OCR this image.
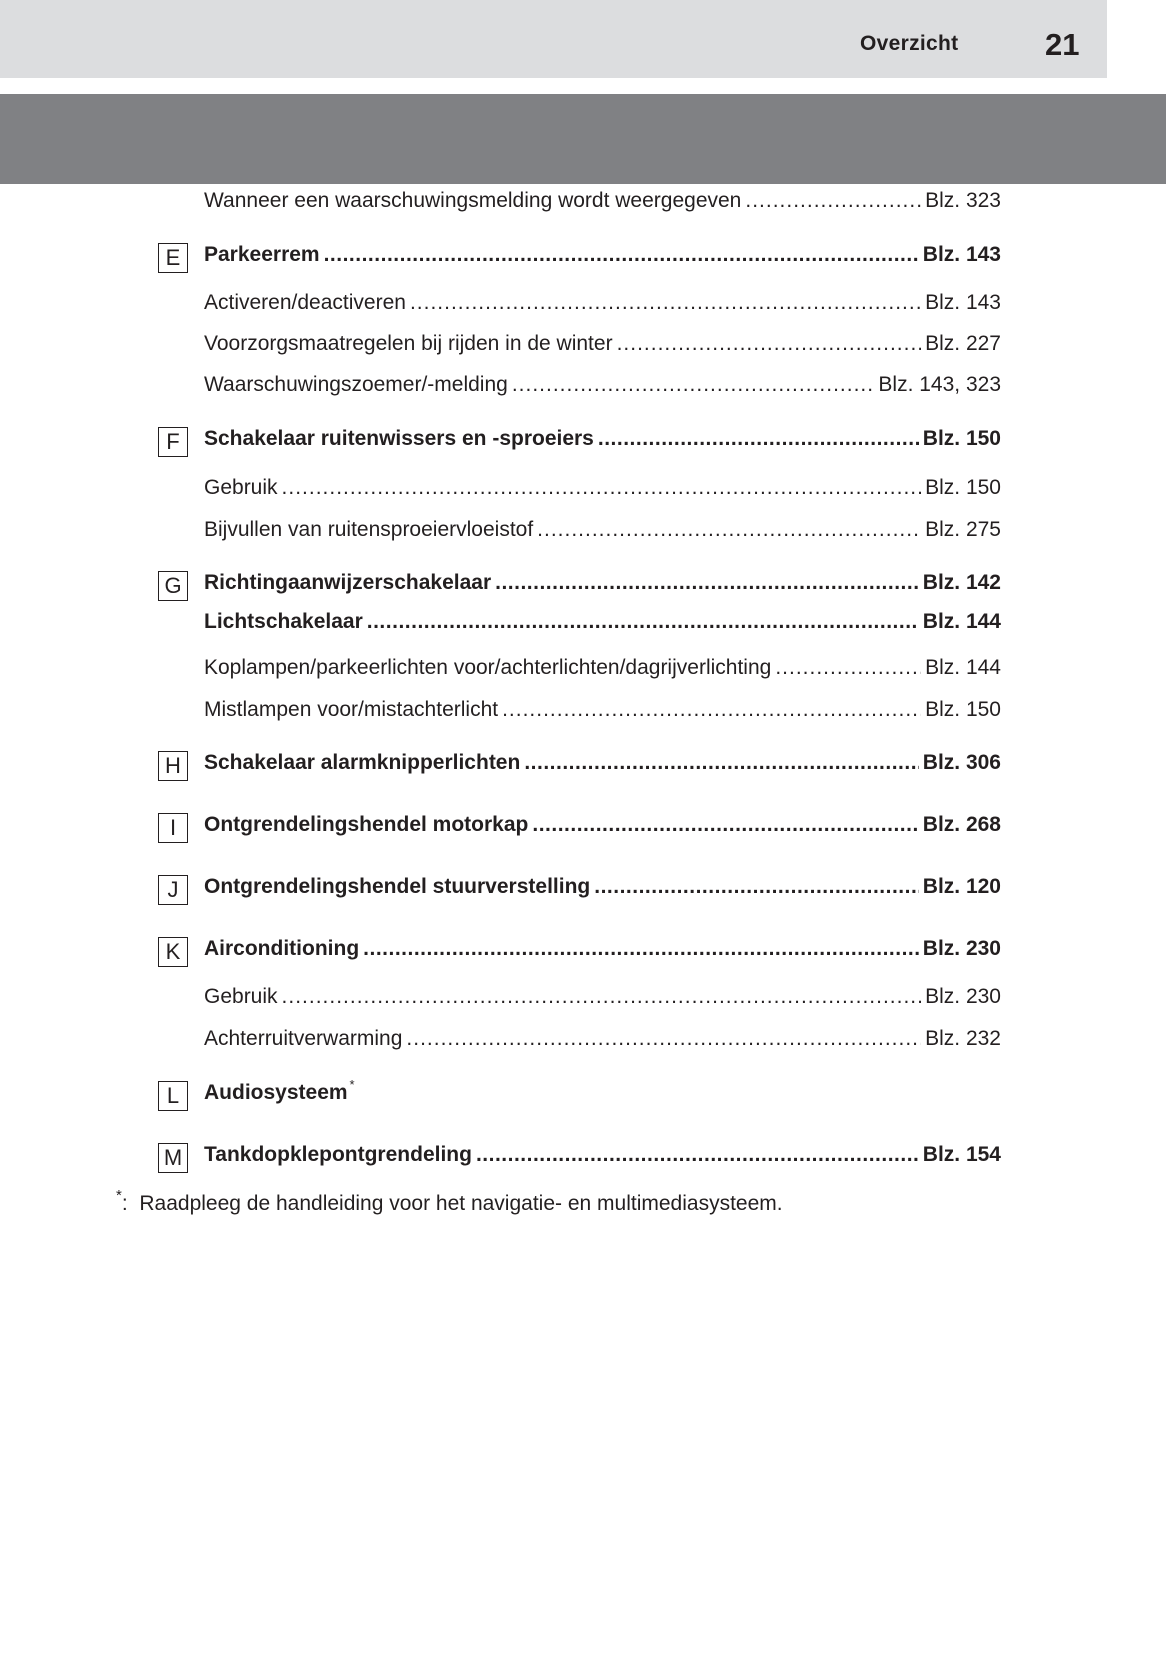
Overzicht	21
Wanneer een waarschuwingsmelding wordt weergegeven .....	Blz. 323
E	Parkeerrem .....	Blz. 143
Activeren/deactiveren .....	Blz. 143
Voorzorgsmaatregelen bij rijden in de winter .....	Blz. 227
Waarschuwingszoemer/-melding .....	Blz. 143, 323
F	Schakelaar ruitenwissers en -sproeiers .....	Blz. 150
Gebruik .....	Blz. 150
Bijvullen van ruitensproeiervloeistof .....	Blz. 275
G	Richtingaanwijzerschakelaar .....	Blz. 142
Lichtschakelaar .....	Blz. 144
Koplampen/parkeerlichten voor/achterlichten/dagrijverlichting .....	Blz. 144
Mistlampen voor/mistachterlicht .....	Blz. 150
H	Schakelaar alarmknipperlichten .....	Blz. 306
I	Ontgrendelingshendel motorkap .....	Blz. 268
J	Ontgrendelingshendel stuurverstelling .....	Blz. 120
K	Airconditioning .....	Blz. 230
Gebruik .....	Blz. 230
Achterruitverwarming .....	Blz. 232
L	Audiosysteem *
M Tankdopklepontgrendeling .....	Blz. 154
*: Raadpleeg de handleiding voor het navigatie- en multimediasysteem.
